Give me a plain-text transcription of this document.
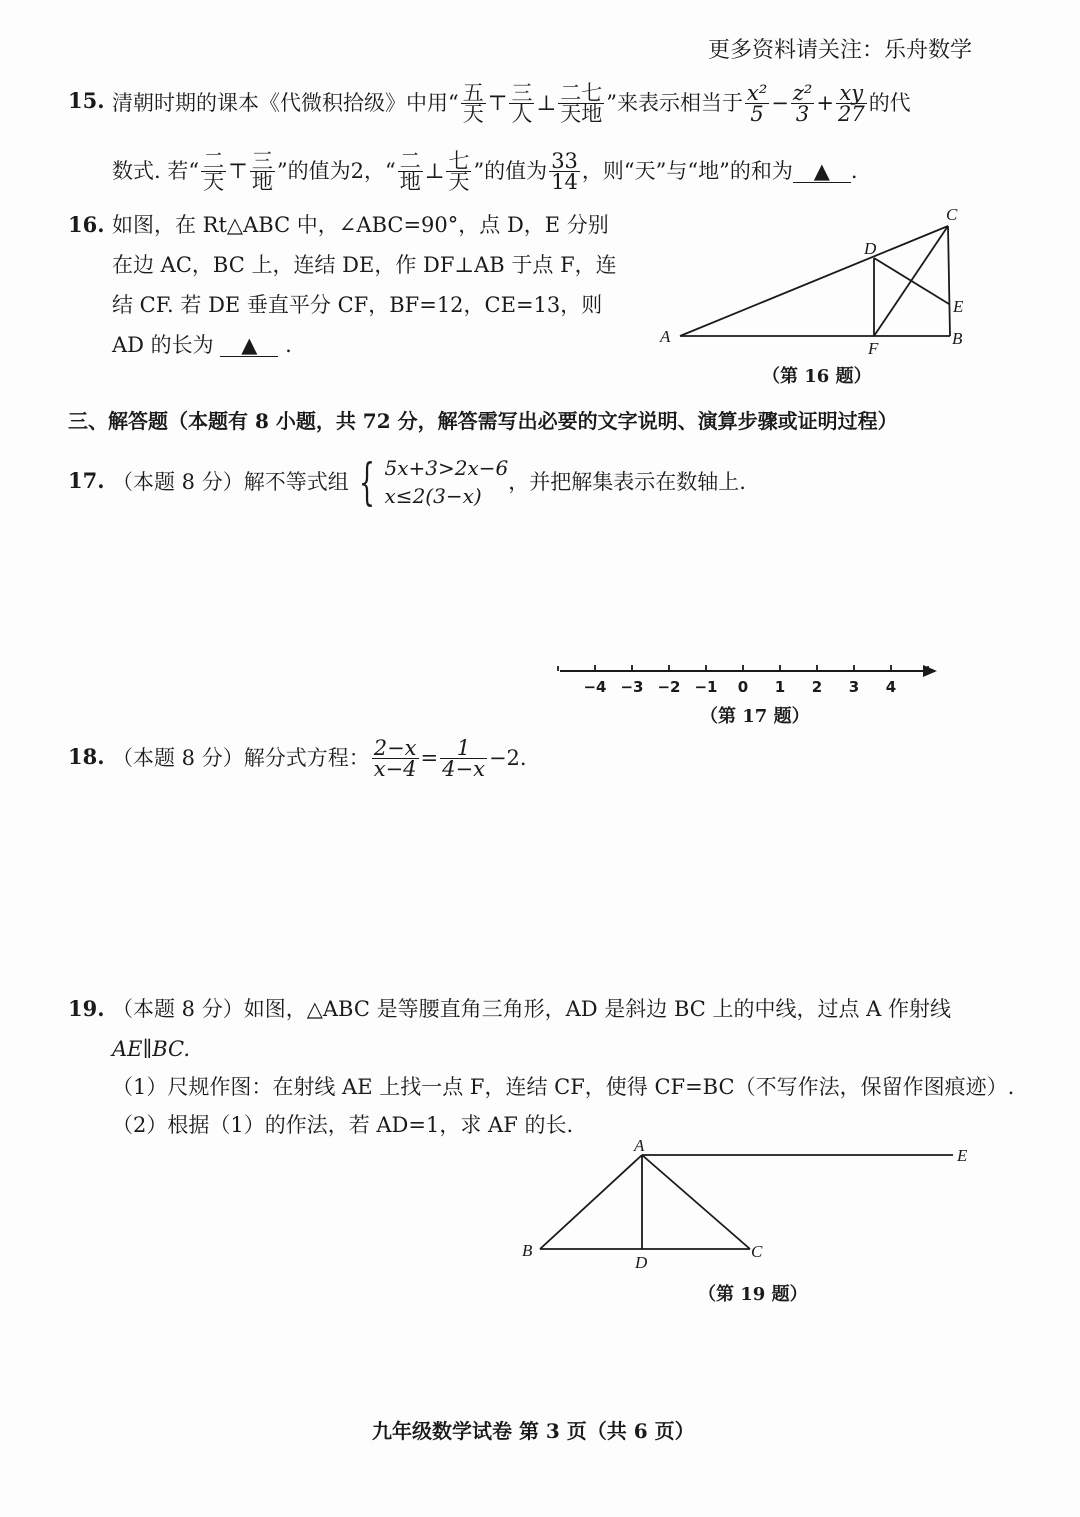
更多资料请关注：乐舟数学
15. 清朝时期的课本《代微积拾级》中用“ $\frac{\text{五}}{\text{天}}$ ⊤ $\frac{\text{三}}{\text{人}}$ ⊥ $\frac{\text{二七}}{\text{天地}}$ ”来表示相当于 $\frac{\text{x²}}{5} - \frac{\text{z²}}{3} + \frac{xy}{27}$ 的代
数式. 若“ $\frac{\text{二}}{\text{天}}$ ⊤ $\frac{\text{三}}{\text{地}}$ ”的值为2，“ $\frac{\text{二}}{\text{地}}$ ⊥ $\frac{\text{七}}{\text{天}}$ ”的值为 $\frac{33}{14}$ ，则“天”与“地”的和为 ▲ .
16. 如图，在 Rt△ABC 中，∠ABC=90°，点 D，E 分别
在边 AC，BC 上，连结 DE，作 DF⊥AB 于点 F，连
结 CF. 若 DE 垂直平分 CF，BF=12，CE=13，则
AD 的长为 ▲ .	A	B
C
D
E
F
（第 16 题）
三、解答题（本题有 8 小题，共 72 分，解答需写出必要的文字说明、演算步骤或证明过程）
17. （本题 8 分）解不等式组 { 5x+3>2x−6
x≤2(3−x)
，并把解集表示在数轴上.
−4 −3 −2 −1 0 1 2 3 4
（第 17 题）
18. （本题 8 分）解分式方程： $\frac{2-x}{x-4} = \frac{1}{4-x} -2$.
19. （本题 8 分）如图，△ABC 是等腰直角三角形，AD 是斜边 BC 上的中线，过点 A 作射线
AE∥BC.
（1）尺规作图：在射线 AE 上找一点 F，连结 CF，使得 CF=BC（不写作法，保留作图痕迹）.
（2）根据（1）的作法，若 AD=1，求 AF 的长.
A
B	C
D
E
（第 19 题）
九年级数学试卷 第 3 页（共 6 页）
